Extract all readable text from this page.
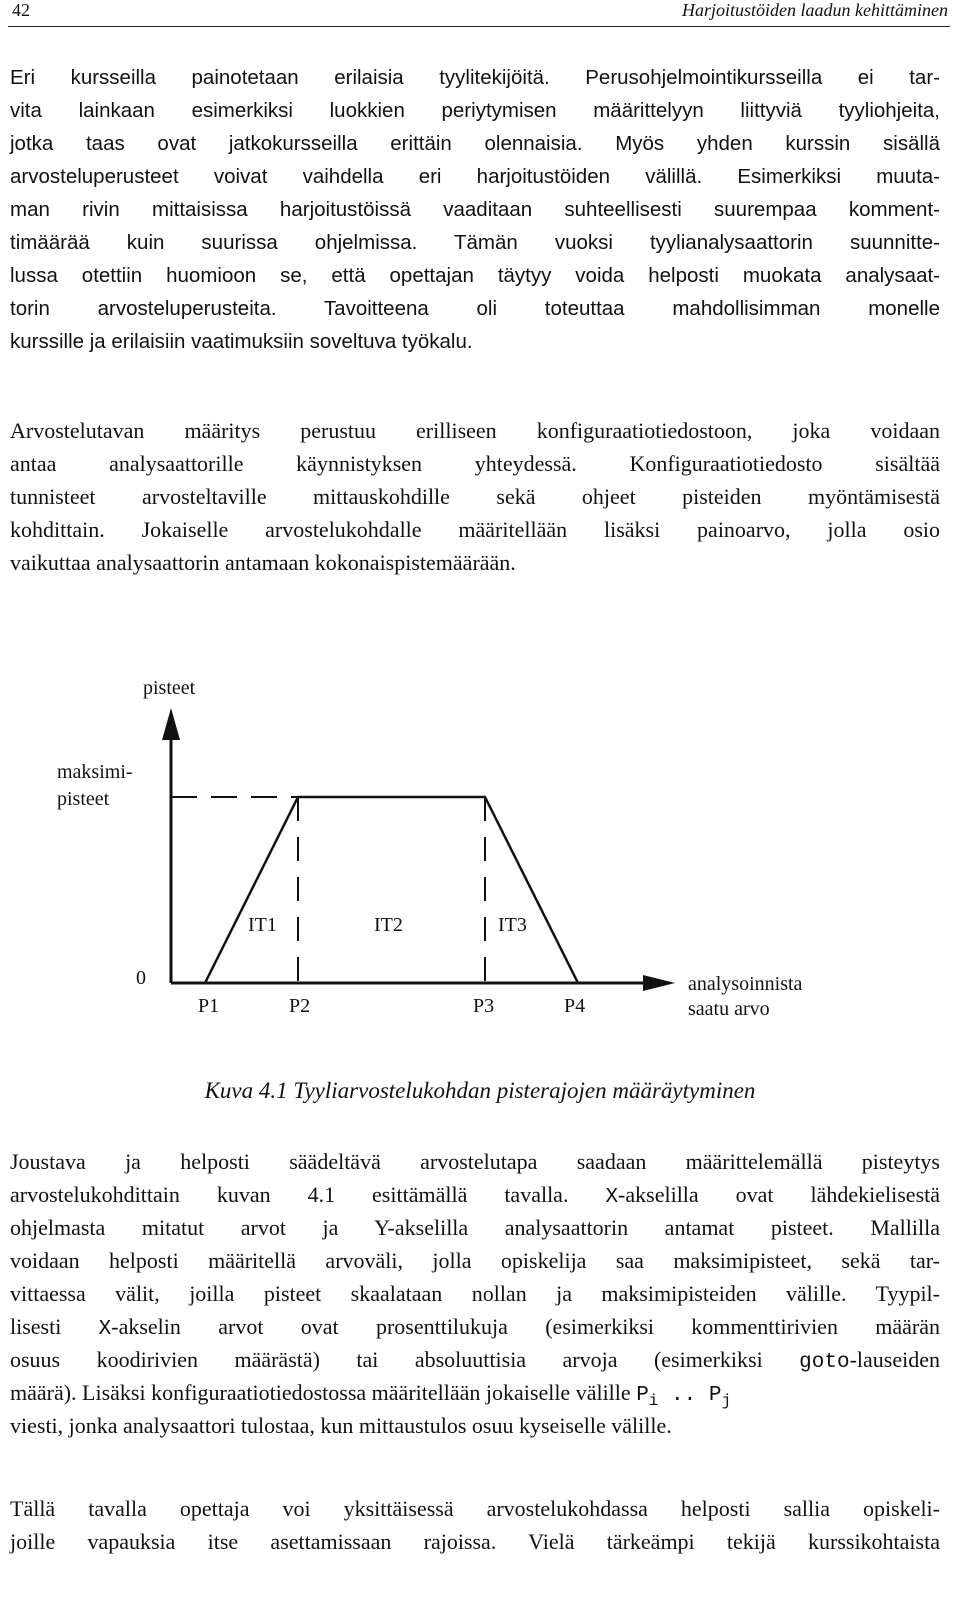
42	Harjoitustöiden laadun kehittäminen
Eri kursseilla painotetaan erilaisia tyylitekijöitä. Perusohjelmointikursseilla ei tar-
vita lainkaan esimerkiksi luokkien periytymisen määrittelyyn liittyviä tyyliohjeita,
jotka taas ovat jatkokursseilla erittäin olennaisia. Myös yhden kurssin sisällä
arvosteluperusteet voivat vaihdella eri harjoitustöiden välillä. Esimerkiksi muuta-
man rivin mittaisissa harjoitustöissä vaaditaan suhteellisesti suurempaa komment-
timäärää kuin suurissa ohjelmissa. Tämän vuoksi tyylianalysaattorin suunnitte-
lussa otettiin huomioon se, että opettajan täytyy voida helposti muokata analysaat-
torin arvosteluperusteita. Tavoitteena oli toteuttaa mahdollisimman monelle
kurssille ja erilaisiin vaatimuksiin soveltuva työkalu.
Arvostelutavan määritys perustuu erilliseen konfiguraatiotiedostoon, joka voidaan
antaa analysaattorille käynnistyksen yhteydessä. Konfiguraatiotiedosto sisältää
tunnisteet arvosteltaville mittauskohdille sekä ohjeet pisteiden myöntämisestä
kohdittain. Jokaiselle arvostelukohdalle määritellään lisäksi painoarvo, jolla osio
vaikuttaa analysaattorin antamaan kokonaispistemäärään.
pisteet
maksimi-
pisteet
0
IT1	IT2	IT3
P1	P2	P3	P4
analysoinnista
saatu arvo
Kuva 4.1 Tyyliarvostelukohdan pisterajojen määräytyminen
Joustava ja helposti säädeltävä arvostelutapa saadaan määrittelemällä pisteytys
arvostelukohdittain kuvan 4.1 esittämällä tavalla. X-akselilla ovat lähdekielisestä
ohjelmasta mitatut arvot ja Y-akselilla analysaattorin antamat pisteet. Mallilla
voidaan helposti määritellä arvoväli, jolla opiskelija saa maksimipisteet, sekä tar-
vittaessa välit, joilla pisteet skaalataan nollan ja maksimipisteiden välille. Tyypil-
lisesti X-akselin arvot ovat prosenttilukuja (esimerkiksi kommenttirivien määrän
osuus koodirivien määrästä) tai absoluuttisia arvoja (esimerkiksi goto-lauseiden
määrä). Lisäksi konfiguraatiotiedostossa määritellään jokaiselle välille $P_i$ .. $P_j$
viesti, jonka analysaattori tulostaa, kun mittaustulos osuu kyseiselle välille.
Tällä tavalla opettaja voi yksittäisessä arvostelukohdassa helposti sallia opiskeli-
joille vapauksia itse asettamissaan rajoissa. Vielä tärkeämpi tekijä kurssikohtaista
